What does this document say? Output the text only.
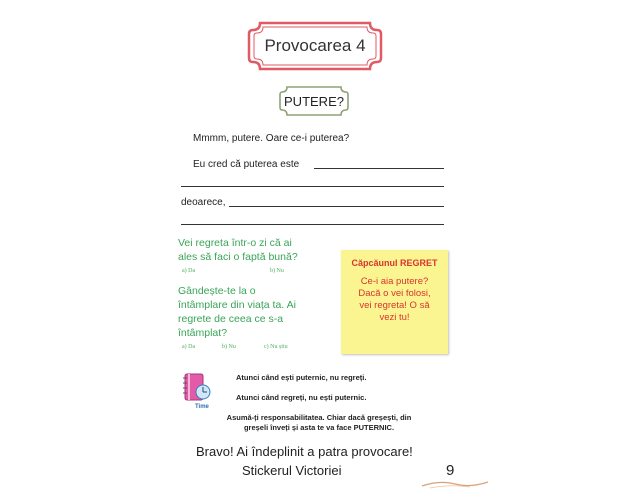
Provocarea 4
PUTERE?
Mmmm, putere. Oare ce-i puterea?
Eu cred că puterea este
deoarece,
Vei regreta într-o zi că ai
ales să faci o faptă bună?
a) Da	b) Nu
Gândește-te la o
întâmplare din viața ta. Ai
regrete de ceea ce s-a
întâmplat?
a) Da	b) Nu	c) Nu știu
Căpcăunul REGRET
Ce-i aia putere?
Dacă o vei folosi,
vei regreta! O să
vezi tu!
Time
Atunci când ești puternic, nu regreți.
Atunci când regreți, nu ești puternic.
Asumă-ți responsabilitatea. Chiar dacă greșești, din
greșeli înveți și asta te va face PUTERNIC.
Bravo! Ai îndeplinit a patra provocare!
Stickerul Victoriei	9
